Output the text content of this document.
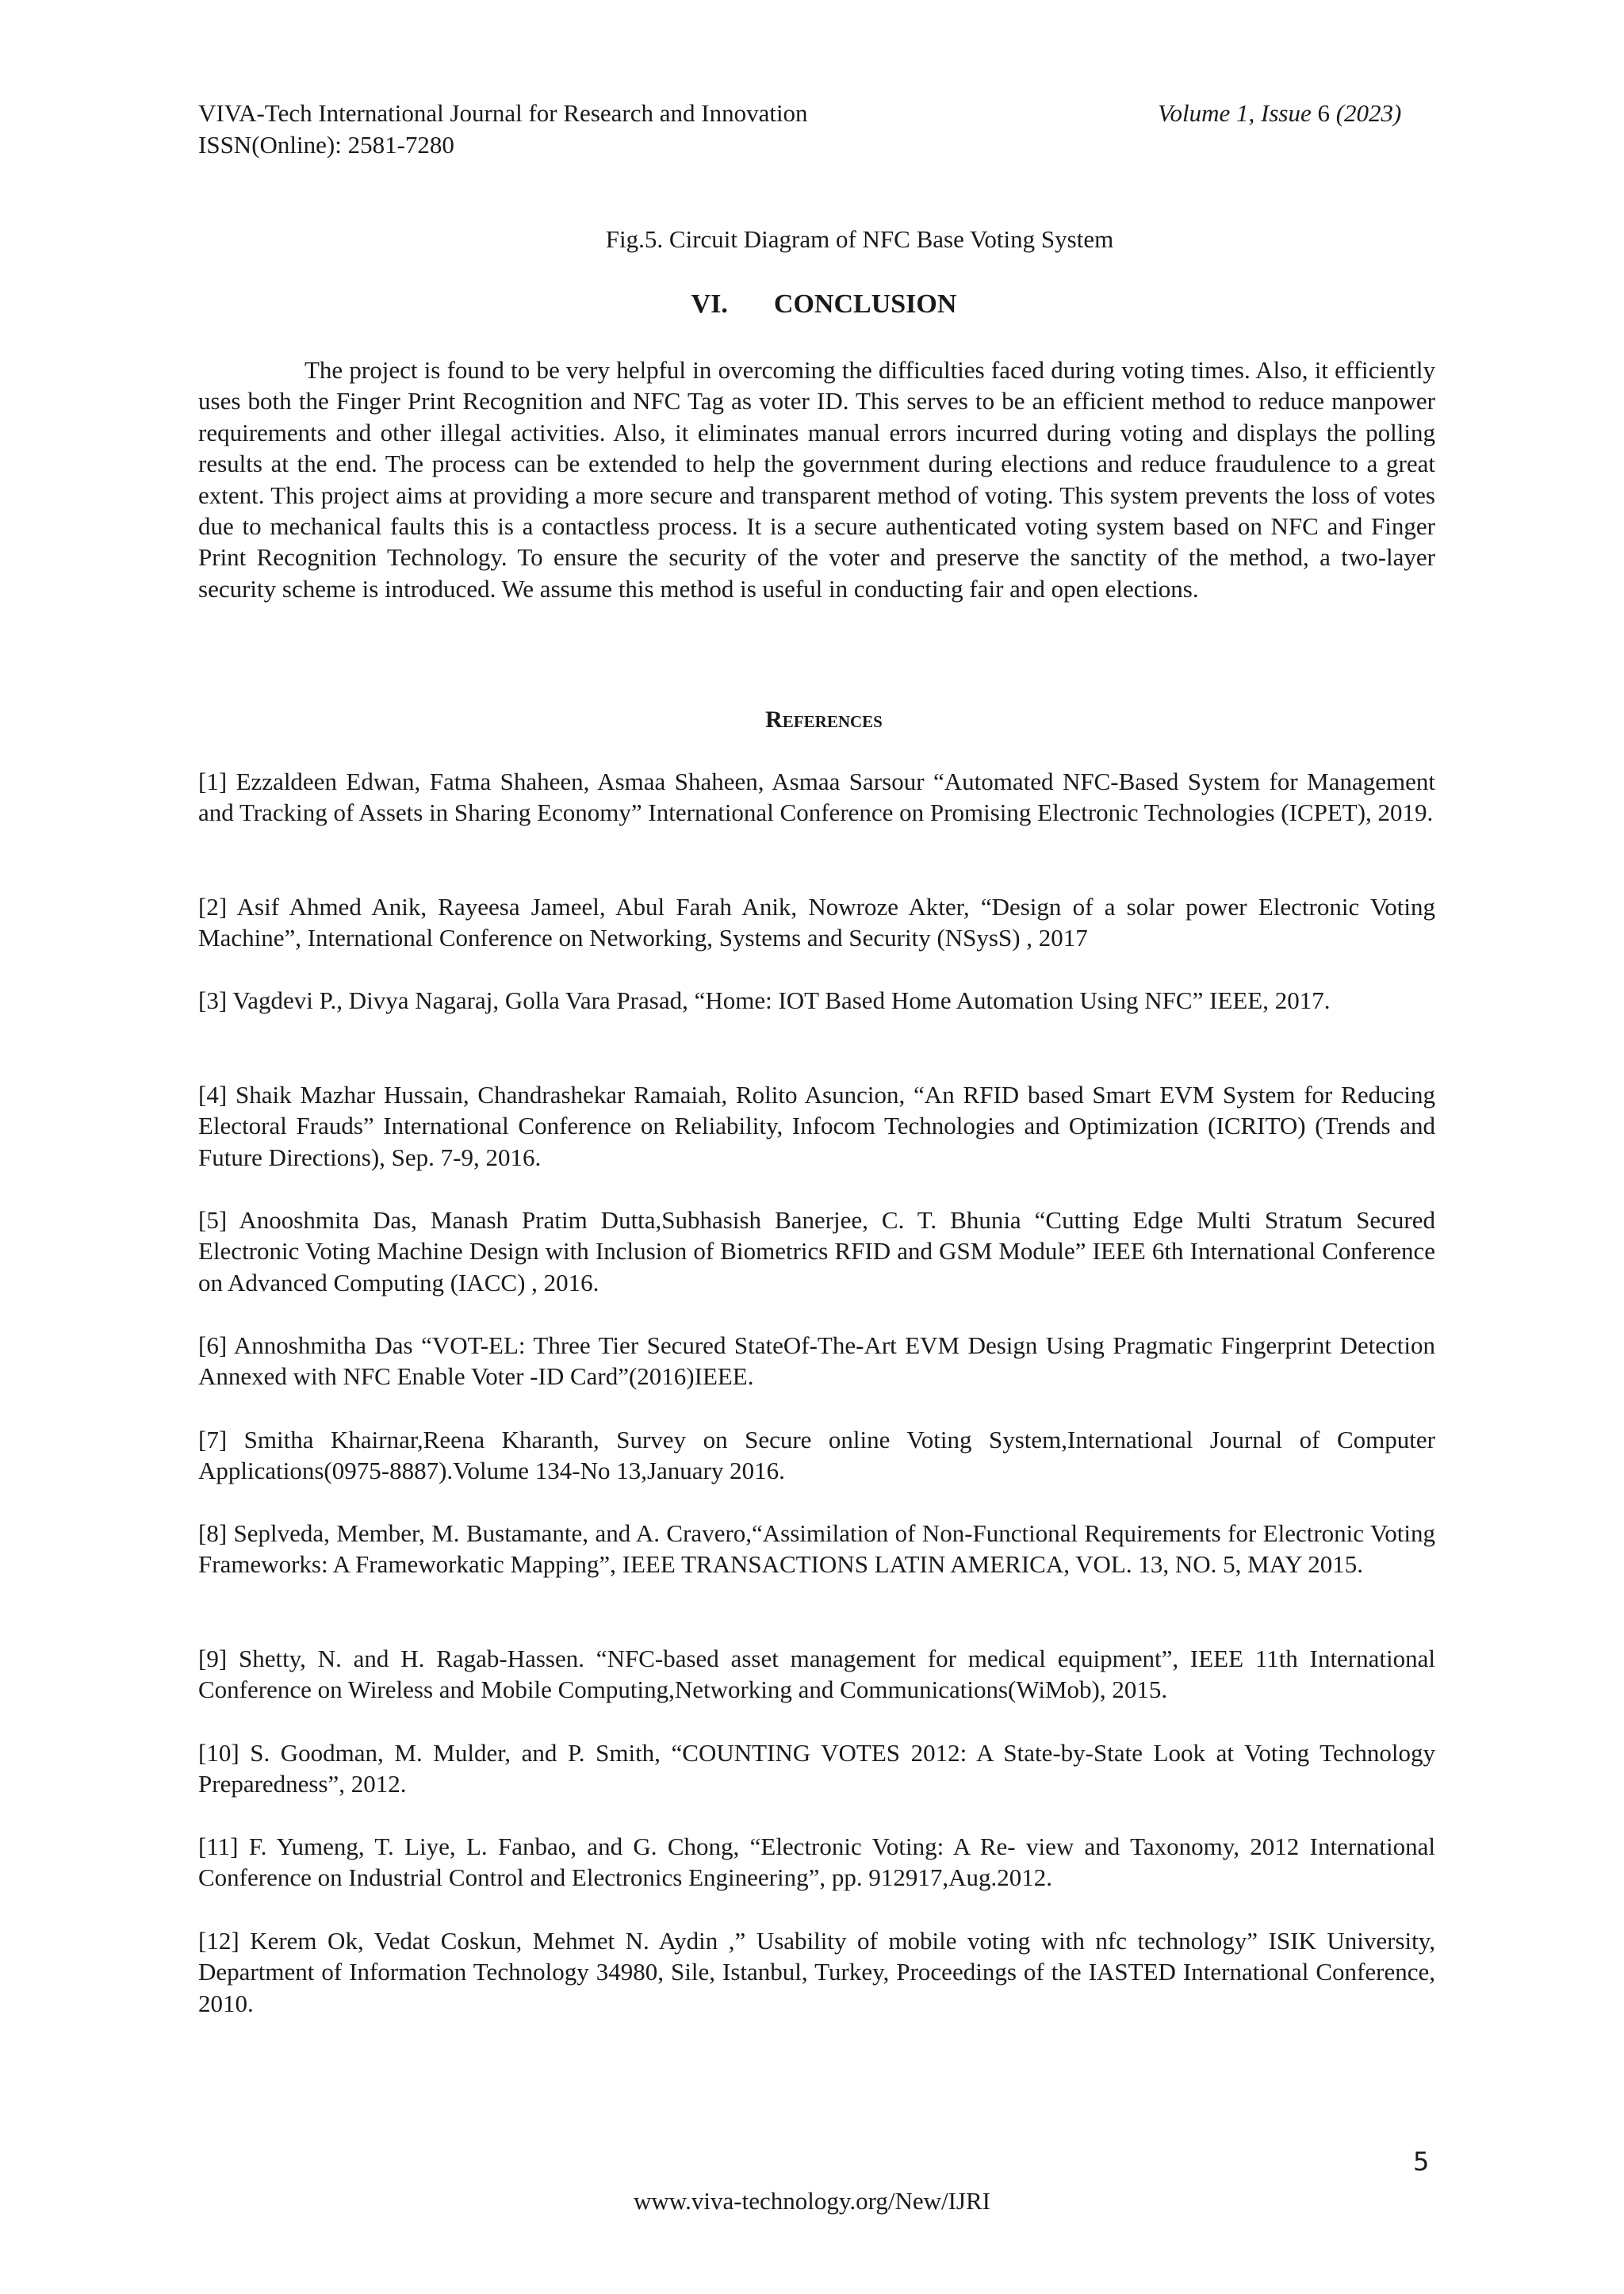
VIVA-Tech International Journal for Research and Innovation
ISSN(Online): 2581-7280
Volume 1, Issue 6 (2023)
Fig.5. Circuit Diagram of NFC Base Voting System
VI. CONCLUSION

The project is found to be very helpful in overcoming the difficulties faced during voting times. Also, it efficiently uses both the Finger Print Recognition and NFC Tag as voter ID. This serves to be an efficient method to reduce manpower requirements and other illegal activities. Also, it eliminates manual errors incurred during voting and displays the polling results at the end. The process can be extended to help the government during elections and reduce fraudulence to a great extent. This project aims at providing a more secure and transparent method of voting. This system prevents the loss of votes due to mechanical faults this is a contactless process. It is a secure authenticated voting system based on NFC and Finger Print Recognition Technology. To ensure the security of the voter and preserve the sanctity of the method, a two-layer security scheme is introduced. We assume this method is useful in conducting fair and open elections.

References

[1] Ezzaldeen Edwan, Fatma Shaheen, Asmaa Shaheen, Asmaa Sarsour “Automated NFC-Based System for Management and Tracking of Assets in Sharing Economy” International Conference on Promising Electronic Technologies (ICPET), 2019.

[2] Asif Ahmed Anik, Rayeesa Jameel, Abul Farah Anik, Nowroze Akter, “Design of a solar power Electronic Voting Machine”, International Conference on Networking, Systems and Security (NSysS) , 2017

[3] Vagdevi P., Divya Nagaraj, Golla Vara Prasad, “Home: IOT Based Home Automation Using NFC” IEEE, 2017.

[4] Shaik Mazhar Hussain, Chandrashekar Ramaiah, Rolito Asuncion, “An RFID based Smart EVM System for Reducing Electoral Frauds” International Conference on Reliability, Infocom Technologies and Optimization (ICRITO) (Trends and Future Directions), Sep. 7-9, 2016.

[5] Anooshmita Das, Manash Pratim Dutta,Subhasish Banerjee, C. T. Bhunia “Cutting Edge Multi Stratum Secured Electronic Voting Machine Design with Inclusion of Biometrics RFID and GSM Module” IEEE 6th International Conference on Advanced Computing (IACC) , 2016.

[6] Annoshmitha Das “VOT-EL: Three Tier Secured StateOf-The-Art EVM Design Using Pragmatic Fingerprint Detection Annexed with NFC Enable Voter -ID Card”(2016)IEEE.

[7] Smitha Khairnar,Reena Kharanth, Survey on Secure online Voting System,International Journal of Computer Applications(0975-8887).Volume 134-No 13,January 2016.

[8] Seplveda, Member, M. Bustamante, and A. Cravero,“Assimilation of Non-Functional Requirements for Electronic Voting Frameworks: A Frameworkatic Mapping”, IEEE TRANSACTIONS LATIN AMERICA, VOL. 13, NO. 5, MAY 2015.

[9] Shetty, N. and H. Ragab-Hassen. “NFC-based asset management for medical equipment”, IEEE 11th International Conference on Wireless and Mobile Computing,Networking and Communications(WiMob), 2015.

[10] S. Goodman, M. Mulder, and P. Smith, “COUNTING VOTES 2012: A State-by-State Look at Voting Technology Preparedness”, 2012.

[11] F. Yumeng, T. Liye, L. Fanbao, and G. Chong, “Electronic Voting: A Re- view and Taxonomy, 2012 International Conference on Industrial Control and Electronics Engineering”, pp. 912917,Aug.2012.

[12] Kerem Ok, Vedat Coskun, Mehmet N. Aydin ,” Usability of mobile voting with nfc technology” ISIK University, Department of Information Technology 34980, Sile, Istanbul, Turkey, Proceedings of the IASTED International Conference, 2010.

5
www.viva-technology.org/New/IJRI
